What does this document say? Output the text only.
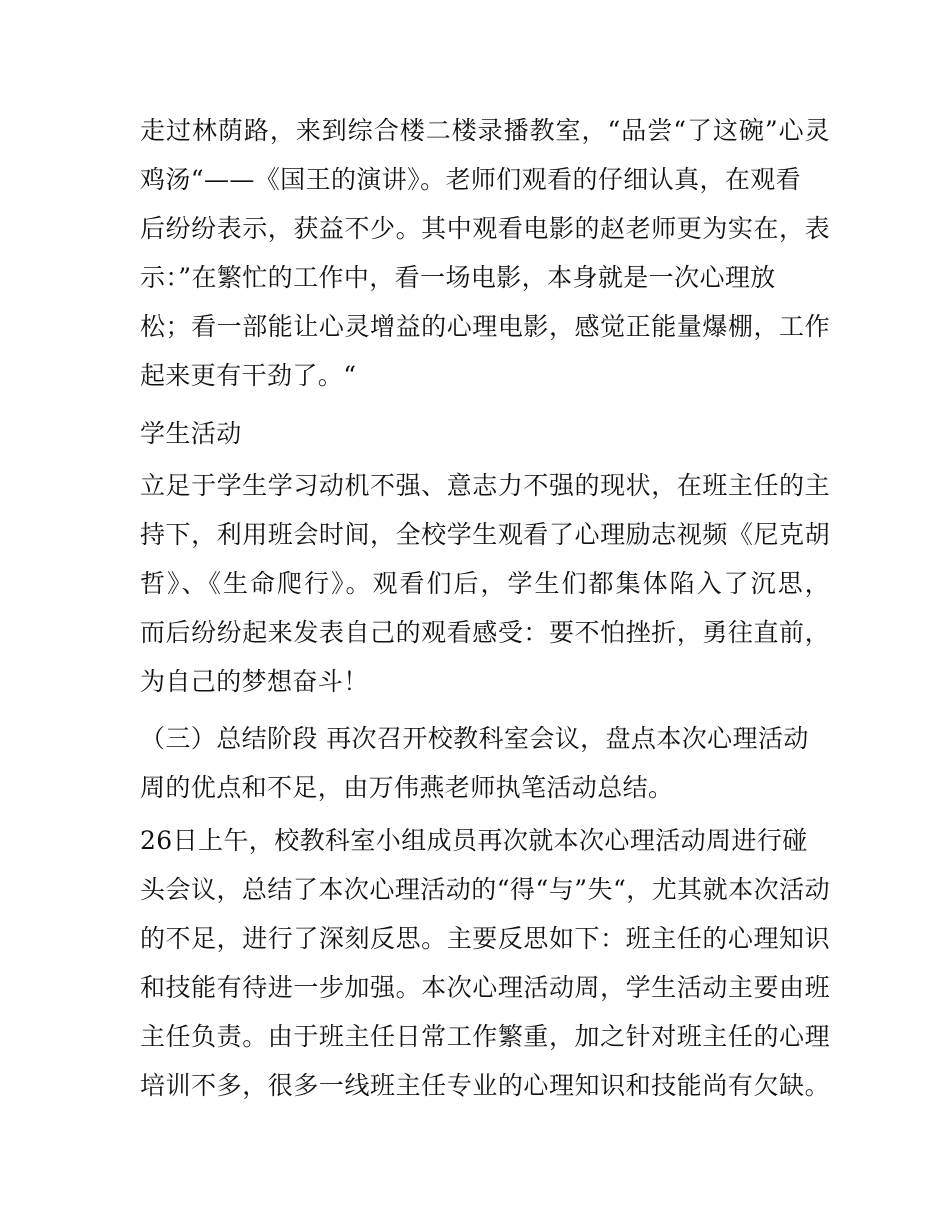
走过林荫路，来到综合楼二楼录播教室，“品尝“了这碗”心灵
鸡汤“——《国王的演讲》。老师们观看的仔细认真，在观看
后纷纷表示，获益不少。其中观看电影的赵老师更为实在，表
示：”在繁忙的工作中，看一场电影，本身就是一次心理放
松；看一部能让心灵增益的心理电影，感觉正能量爆棚，工作
起来更有干劲了。“
学生活动
立足于学生学习动机不强、意志力不强的现状，在班主任的主
持下，利用班会时间，全校学生观看了心理励志视频《尼克胡
哲》、《生命爬行》。观看们后，学生们都集体陷入了沉思，
而后纷纷起来发表自己的观看感受：要不怕挫折，勇往直前，
为自己的梦想奋斗！
（三）总结阶段 再次召开校教科室会议，盘点本次心理活动
周的优点和不足，由万伟燕老师执笔活动总结。
26日上午，校教科室小组成员再次就本次心理活动周进行碰
头会议，总结了本次心理活动的“得“与”失“，尤其就本次活动
的不足，进行了深刻反思。主要反思如下：班主任的心理知识
和技能有待进一步加强。本次心理活动周，学生活动主要由班
主任负责。由于班主任日常工作繁重，加之针对班主任的心理
培训不多，很多一线班主任专业的心理知识和技能尚有欠缺。
